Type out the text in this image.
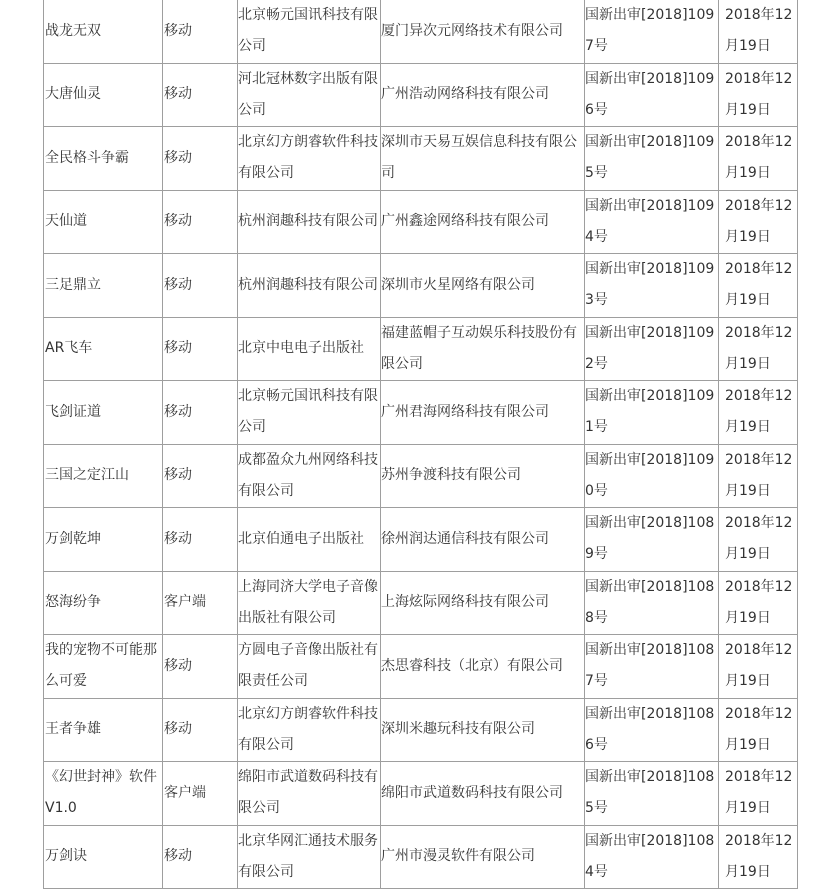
战龙无双	移动	北京畅元国讯科技有限公司	厦门异次元网络技术有限公司	国新出审[2018]1097号	2018年12月19日

大唐仙灵	移动	河北冠林数字出版有限公司	广州浩动网络科技有限公司	国新出审[2018]1096号	2018年12月19日

全民格斗争霸	移动	北京幻方朗睿软件科技有限公司	深圳市天易互娱信息科技有限公司	国新出审[2018]1095号	2018年12月19日

天仙道	移动	杭州润趣科技有限公司	广州鑫途网络科技有限公司	国新出审[2018]1094号	2018年12月19日

三足鼎立	移动	杭州润趣科技有限公司	深圳市火星网络有限公司	国新出审[2018]1093号	2018年12月19日

AR飞车	移动	北京中电电子出版社	福建蓝帽子互动娱乐科技股份有限公司	国新出审[2018]1092号	2018年12月19日

飞剑证道	移动	北京畅元国讯科技有限公司	广州君海网络科技有限公司	国新出审[2018]1091号	2018年12月19日

三国之定江山	移动	成都盈众九州网络科技有限公司	苏州争渡科技有限公司	国新出审[2018]1090号	2018年12月19日

万剑乾坤	移动	北京伯通电子出版社	徐州润达通信科技有限公司	国新出审[2018]1089号	2018年12月19日

怒海纷争	客户端	上海同济大学电子音像出版社有限公司	上海炫际网络科技有限公司	国新出审[2018]1088号	2018年12月19日

我的宠物不可能那么可爱	移动	方圆电子音像出版社有限责任公司	杰思睿科技（北京）有限公司	国新出审[2018]1087号	2018年12月19日

王者争雄	移动	北京幻方朗睿软件科技有限公司	深圳米趣玩科技有限公司	国新出审[2018]1086号	2018年12月19日

《幻世封神》软件V1.0	客户端	绵阳市武道数码科技有限公司	绵阳市武道数码科技有限公司	国新出审[2018]1085号	2018年12月19日

万剑诀	移动	北京华网汇通技术服务有限公司	广州市漫灵软件有限公司	国新出审[2018]1084号	2018年12月19日
